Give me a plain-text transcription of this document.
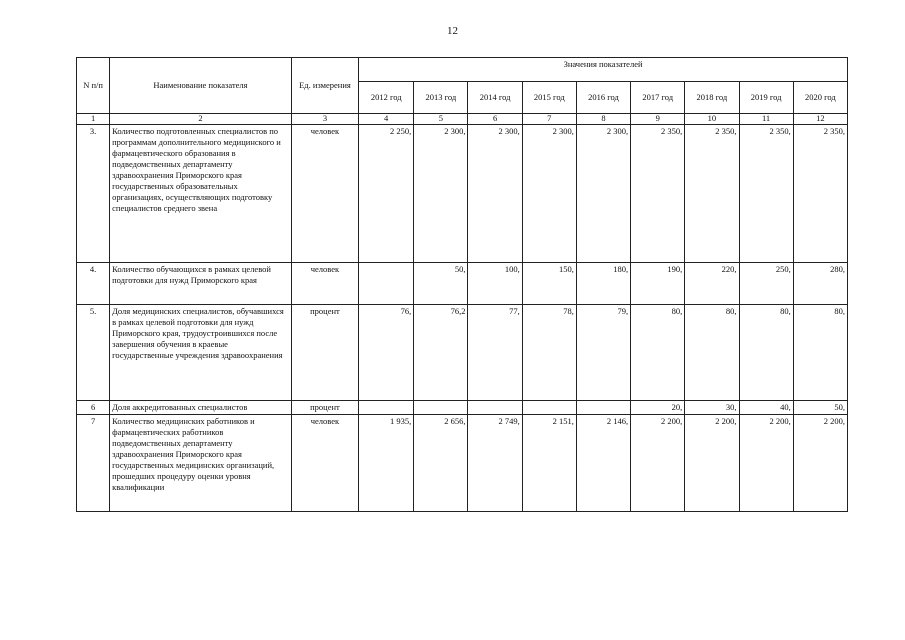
12
N п/п	Наименование показателя	Ед. измерения	Значения показателей								
			2012 год	2013 год	2014 год	2015 год	2016 год	2017 год	2018 год	2019 год	2020 год
1	2	3	4	5	6	7	8	9	10	11	12
3.	Количество подготовленных специалистов по программам дополнительного медицинского и фармацевтического образования в подведомственных департаменту здравоохранения Приморского края государственных образовательных организациях, осуществляющих подготовку специалистов среднего звена	человек	2 250,	2 300,	2 300,	2 300,	2 300,	2 350,	2 350,	2 350,	2 350,
4.	Количество обучающихся в рамках целевой подготовки для нужд Приморского края	человек		50,	100,	150,	180,	190,	220,	250,	280,
5.	Доля медицинских специалистов, обучавшихся в рамках целевой подготовки для нужд Приморского края, трудоустроившихся после завершения обучения в краевые государственные учреждения здравоохранения	процент	76,	76,2	77,	78,	79,	80,	80,	80,	80,
6	Доля аккредитованных специалистов	процент						20,	30,	40,	50,
7	Количество медицинских работников и фармацевтических работников подведомственных департаменту здравоохранения Приморского края государственных медицинских организаций, прошедших процедуру оценки уровня квалификации	человек	1 935,	2 656,	2 749,	2 151,	2 146,	2 200,	2 200,	2 200,	2 200,
